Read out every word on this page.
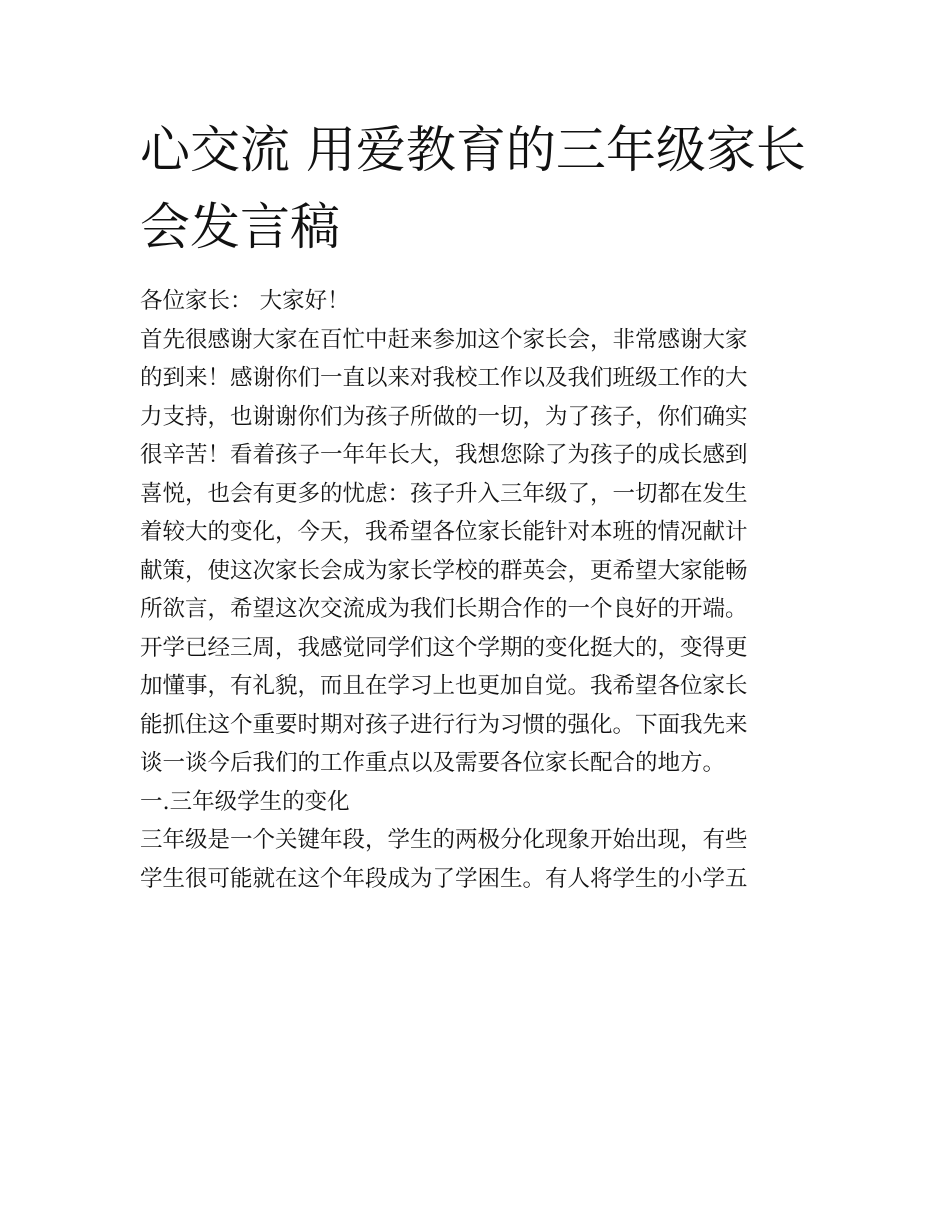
心交流 用爱教育的三年级家长
会发言稿
各位家长： 大家好！
首先很感谢大家在百忙中赶来参加这个家长会，非常感谢大家
的到来！感谢你们一直以来对我校工作以及我们班级工作的大
力支持，也谢谢你们为孩子所做的一切，为了孩子，你们确实
很辛苦！看着孩子一年年长大，我想您除了为孩子的成长感到
喜悦，也会有更多的忧虑：孩子升入三年级了，一切都在发生
着较大的变化，今天，我希望各位家长能针对本班的情况献计
献策，使这次家长会成为家长学校的群英会，更希望大家能畅
所欲言，希望这次交流成为我们长期合作的一个良好的开端。
开学已经三周，我感觉同学们这个学期的变化挺大的，变得更
加懂事，有礼貌，而且在学习上也更加自觉。我希望各位家长
能抓住这个重要时期对孩子进行行为习惯的强化。下面我先来
谈一谈今后我们的工作重点以及需要各位家长配合的地方。
一.三年级学生的变化
三年级是一个关键年段，学生的两极分化现象开始出现，有些
学生很可能就在这个年段成为了学困生。有人将学生的小学五
